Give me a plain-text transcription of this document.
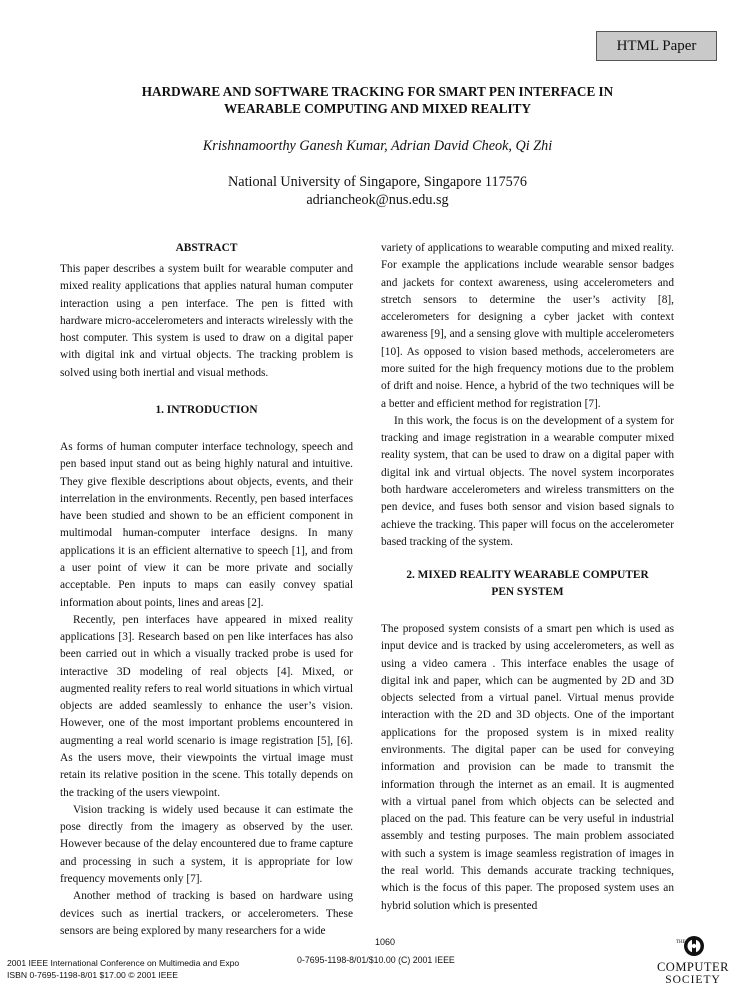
HTML Paper
HARDWARE AND SOFTWARE TRACKING FOR SMART PEN INTERFACE IN
WEARABLE COMPUTING AND MIXED REALITY
Krishnamoorthy Ganesh Kumar, Adrian David Cheok, Qi Zhi
National University of Singapore, Singapore 117576
adriancheok@nus.edu.sg
ABSTRACT

This paper describes a system built for wearable computer and mixed reality applications that applies natural human computer interaction using a pen interface. The pen is fitted with hardware micro-accelerometers and interacts wirelessly with the host computer. This system is used to draw on a digital paper with digital ink and virtual objects. The tracking problem is solved using both inertial and visual methods.

1. INTRODUCTION

As forms of human computer interface technology, speech and pen based input stand out as being highly natural and intuitive. They give flexible descriptions about objects, events, and their interrelation in the environments. Recently, pen based interfaces have been studied and shown to be an efficient component in multimodal human-computer interface designs. In many applications it is an efficient alternative to speech [1], and from a user point of view it can be more private and socially acceptable. Pen inputs to maps can easily convey spatial information about points, lines and areas [2].

Recently, pen interfaces have appeared in mixed reality applications [3]. Research based on pen like interfaces has also been carried out in which a visually tracked probe is used for interactive 3D modeling of real objects [4]. Mixed, or augmented reality refers to real world situations in which virtual objects are added seamlessly to enhance the user’s vision. However, one of the most important problems encountered in augmenting a real world scenario is image registration [5], [6]. As the users move, their viewpoints the virtual image must retain its relative position in the scene. This totally depends on the tracking of the users viewpoint.

Vision tracking is widely used because it can estimate the pose directly from the imagery as observed by the user. However because of the delay encountered due to frame capture and processing in such a system, it is appropriate for low frequency movements only [7].

Another method of tracking is based on hardware using devices such as inertial trackers, or accelerometers. These sensors are being explored by many researchers for a wide

variety of applications to wearable computing and mixed reality. For example the applications include wearable sensor badges and jackets for context awareness, using accelerometers and stretch sensors to determine the user’s activity [8], accelerometers for designing a cyber jacket with context awareness [9], and a sensing glove with multiple accelerometers [10]. As opposed to vision based methods, accelerometers are more suited for the high frequency motions due to the problem of drift and noise. Hence, a hybrid of the two techniques will be a better and efficient method for registration [7].

In this work, the focus is on the development of a system for tracking and image registration in a wearable computer mixed reality system, that can be used to draw on a digital paper with digital ink and virtual objects. The novel system incorporates both hardware accelerometers and wireless transmitters on the pen device, and fuses both sensor and vision based signals to achieve the tracking. This paper will focus on the accelerometer based tracking of the system.

2. MIXED REALITY WEARABLE COMPUTER
PEN SYSTEM

The proposed system consists of a smart pen which is used as input device and is tracked by using accelerometers, as well as using a video camera . This interface enables the usage of digital ink and paper, which can be augmented by 2D and 3D objects selected from a virtual panel. Virtual menus provide interaction with the 2D and 3D objects. One of the important applications for the proposed system is in mixed reality environments. The digital paper can be used for conveying information and provision can be made to transmit the information through the internet as an email. It is augmented with a virtual panel from which objects can be selected and placed on the pad. This feature can be very useful in industrial assembly and testing purposes. The main problem associated with such a system is image seamless registration of images in the real world. This demands accurate tracking techniques, which is the focus of this paper. The proposed system uses an hybrid solution which is presented

1060
2001 IEEE International Conference on Multimedia and Expo
ISBN 0-7695-1198-8/01 $17.00 © 2001 IEEE
0-7695-1198-8/01/$10.00 (C) 2001 IEEE
THE
COMPUTER
SOCIETY
